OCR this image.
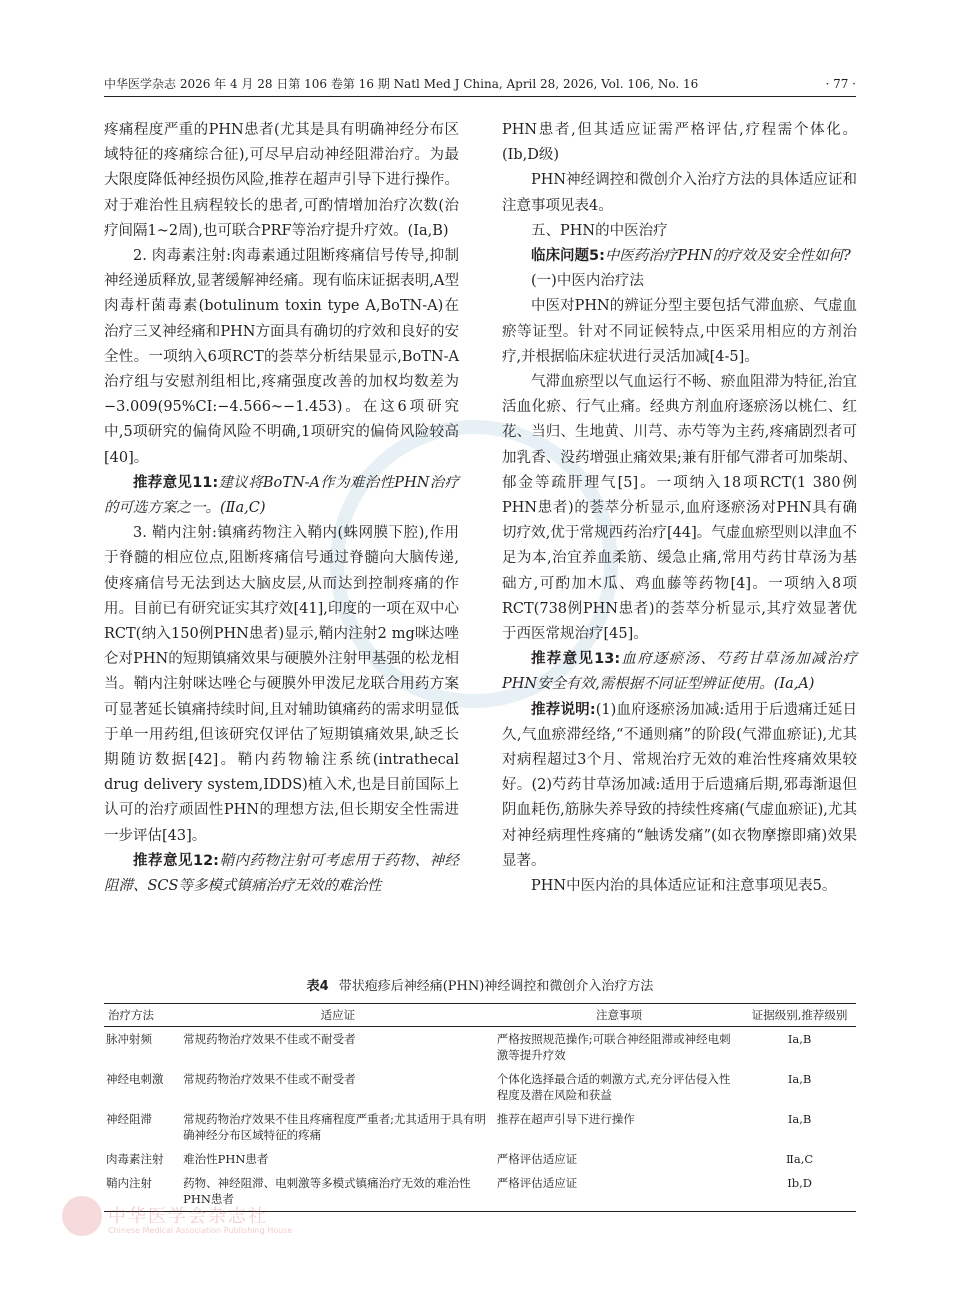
中华医学杂志 2026 年 4 月 28 日第 106 卷第 16 期 Natl Med J China, April 28, 2026, Vol. 106, No. 16	· 77 ·

疼痛程度严重的PHN患者(尤其是具有明确神经分布区域特征的疼痛综合征),可尽早启动神经阻滞治疗。为最大限度降低神经损伤风险,推荐在超声引导下进行操作。对于难治性且病程较长的患者,可酌情增加治疗次数(治疗间隔1~2周),也可联合PRF等治疗提升疗效。(Ia,B)

2. 肉毒素注射:肉毒素通过阻断疼痛信号传导,抑制神经递质释放,显著缓解神经痛。现有临床证据表明,A型肉毒杆菌毒素(botulinum toxin type A,BoTN-A)在治疗三叉神经痛和PHN方面具有确切的疗效和良好的安全性。一项纳入6项RCT的荟萃分析结果显示,BoTN-A治疗组与安慰剂组相比,疼痛强度改善的加权均数差为−3.009(95%CI:−4.566~−1.453)。在这6项研究中,5项研究的偏倚风险不明确,1项研究的偏倚风险较高[40]。

推荐意见11:建议将BoTN-A作为难治性PHN治疗的可选方案之一。(Ⅱa,C)

3. 鞘内注射:镇痛药物注入鞘内(蛛网膜下腔),作用于脊髓的相应位点,阻断疼痛信号通过脊髓向大脑传递,使疼痛信号无法到达大脑皮层,从而达到控制疼痛的作用。目前已有研究证实其疗效[41],印度的一项在双中心RCT(纳入150例PHN患者)显示,鞘内注射2 mg咪达唑仑对PHN的短期镇痛效果与硬膜外注射甲基强的松龙相当。鞘内注射咪达唑仑与硬膜外甲泼尼龙联合用药方案可显著延长镇痛持续时间,且对辅助镇痛药的需求明显低于单一用药组,但该研究仅评估了短期镇痛效果,缺乏长期随访数据[42]。鞘内药物输注系统(intrathecal drug delivery system,IDDS)植入术,也是目前国际上认可的治疗顽固性PHN的理想方法,但长期安全性需进一步评估[43]。

推荐意见12:鞘内药物注射可考虑用于药物、神经阻滞、SCS等多模式镇痛治疗无效的难治性

PHN患者,但其适应证需严格评估,疗程需个体化。(Ib,D级)

PHN神经调控和微创介入治疗方法的具体适应证和注意事项见表4。

五、PHN的中医治疗

临床问题5:中医药治疗PHN的疗效及安全性如何?

(一)中医内治疗法

中医对PHN的辨证分型主要包括气滞血瘀、气虚血瘀等证型。针对不同证候特点,中医采用相应的方剂治疗,并根据临床症状进行灵活加减[4-5]。

气滞血瘀型以气血运行不畅、瘀血阻滞为特征,治宜活血化瘀、行气止痛。经典方剂血府逐瘀汤以桃仁、红花、当归、生地黄、川芎、赤芍等为主药,疼痛剧烈者可加乳香、没药增强止痛效果;兼有肝郁气滞者可加柴胡、郁金等疏肝理气[5]。一项纳入18项RCT(1 380例PHN患者)的荟萃分析显示,血府逐瘀汤对PHN具有确切疗效,优于常规西药治疗[44]。气虚血瘀型则以津血不足为本,治宜养血柔筋、缓急止痛,常用芍药甘草汤为基础方,可酌加木瓜、鸡血藤等药物[4]。一项纳入8项RCT(738例PHN患者)的荟萃分析显示,其疗效显著优于西医常规治疗[45]。

推荐意见13:血府逐瘀汤、芍药甘草汤加减治疗PHN安全有效,需根据不同证型辨证使用。(Ia,A)

推荐说明:(1)血府逐瘀汤加减:适用于后遗痛迁延日久,气血瘀滞经络,“不通则痛”的阶段(气滞血瘀证),尤其对病程超过3个月、常规治疗无效的难治性疼痛效果较好。(2)芍药甘草汤加减:适用于后遗痛后期,邪毒渐退但阴血耗伤,筋脉失养导致的持续性疼痛(气虚血瘀证),尤其对神经病理性疼痛的“触诱发痛”(如衣物摩擦即痛)效果显著。

PHN中医内治的具体适应证和注意事项见表5。

表4 带状疱疹后神经痛(PHN)神经调控和微创介入治疗方法
治疗方法	适应证	注意事项	证据级别,推荐级别
脉冲射频	常规药物治疗效果不佳或不耐受者	严格按照规范操作;可联合神经阻滞或神经电刺激等提升疗效	Ia,B
神经电刺激	常规药物治疗效果不佳或不耐受者	个体化选择最合适的刺激方式,充分评估侵入性程度及潜在风险和获益	Ia,B
神经阻滞	常规药物治疗效果不佳且疼痛程度严重者;尤其适用于具有明确神经分布区域特征的疼痛	推荐在超声引导下进行操作	Ia,B
肉毒素注射	难治性PHN患者	严格评估适应证	Ⅱa,C
鞘内注射	药物、神经阻滞、电刺激等多模式镇痛治疗无效的难治性PHN患者	严格评估适应证	Ib,D
中华医学会杂志社
Chinese Medical Association Publishing House
